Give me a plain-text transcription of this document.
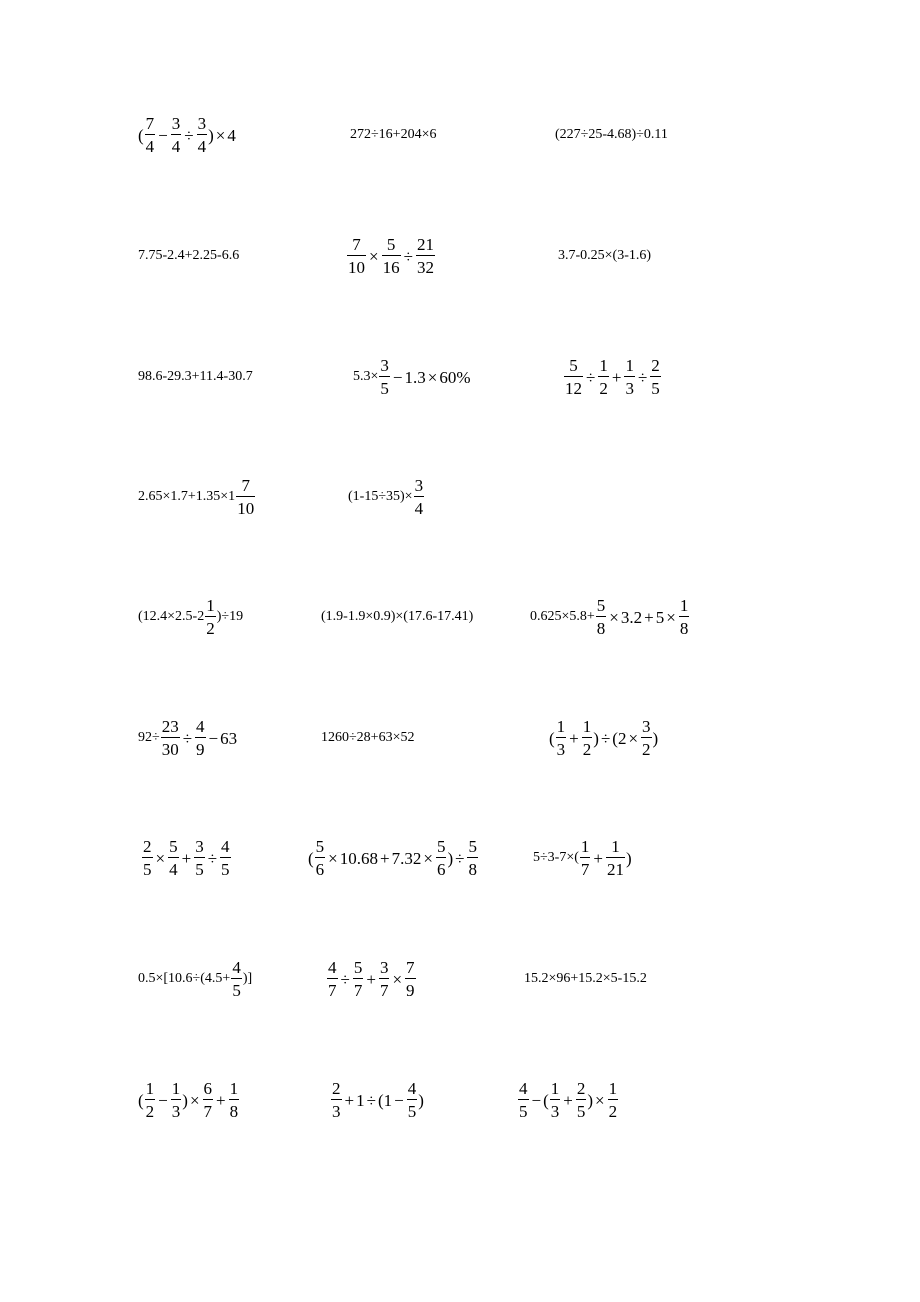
( $\frac{7}{4} - \frac{3}{4} \div \frac{3}{4}$ ) × 4	272÷16+204×6	(227÷25-4.68)÷0.11
7.75-2.4+2.25-6.6	$\frac{7}{10} \times \frac{5}{16} \div \frac{21}{32}$	3.7-0.25×(3-1.6)
98.6-29.3+11.4-30.7	$5.3\times \frac{3}{5} - 1.3 \times 60\%$	$\frac{5}{12} \div \frac{1}{2} + \frac{1}{3} \div \frac{2}{5}$
$2.65\times 1.7+1.35\times 1 \frac{7}{10}$	$(1-15\div 35)\times \frac{3}{4}$
$(12.4\times 2.5-2 \frac{1}{2} )\div 19$	(1.9-1.9×0.9)×(17.6-17.41)	$0.625\times 5.8+ \frac{5}{8} \times 3.2 + 5 \times \frac{1}{8}$
$92\div \frac{23}{30} \div \frac{4}{9} - 63$	1260÷28+63×52	( $\frac{1}{3} + \frac{1}{2}$ ) ÷ ($2 \times \frac{3}{2}$ )
$\frac{2}{5} \times \frac{5}{4} + \frac{3}{5} \div \frac{4}{5}$	( $\frac{5}{6} \times 10.68 + 7.32 \times \frac{5}{6}$ ) ÷ $\frac{5}{8}$	$5\div 3-7\times( \frac{1}{7} + \frac{1}{21}$ )
$0.5\times[10.6\div(4.5+ \frac{4}{5}$ )]	$\frac{4}{7} \div \frac{5}{7} + \frac{3}{7} \times \frac{7}{9}$	15.2×96+15.2×5-15.2
( $\frac{1}{2} - \frac{1}{3}$ ) × $\frac{6}{7} + \frac{1}{8}$	$\frac{2}{3} + 1 \div (1 - \frac{4}{5}$ )	$\frac{4}{5}$ − ( $\frac{1}{3} + \frac{2}{5}$ ) × $\frac{1}{2}$
